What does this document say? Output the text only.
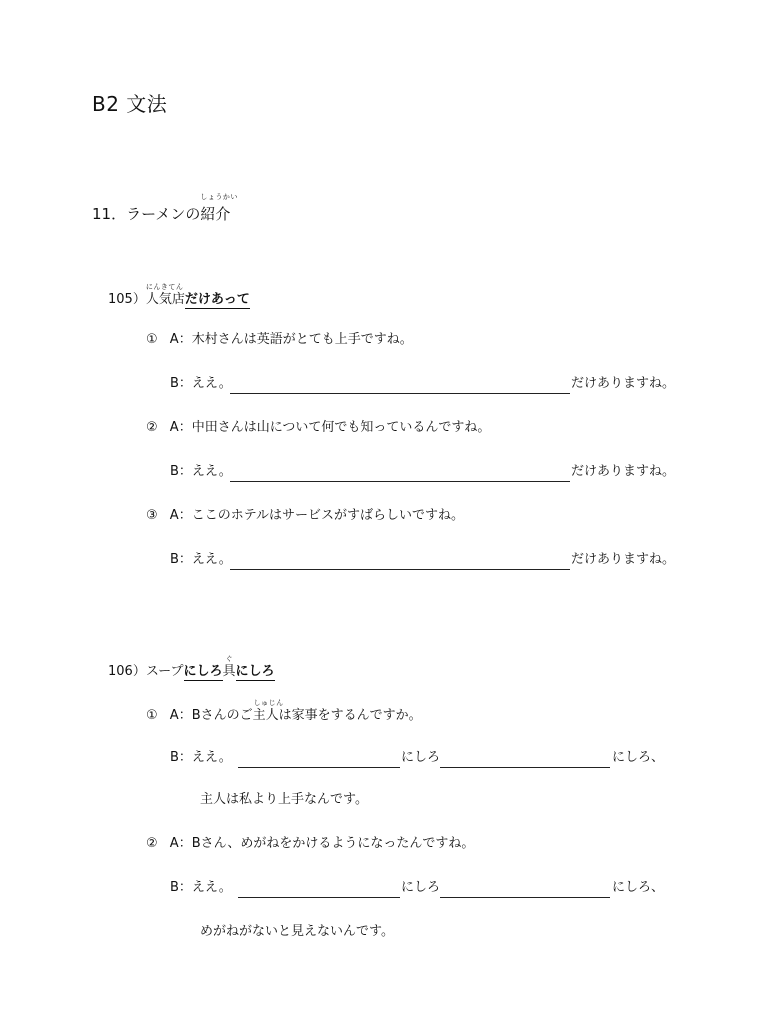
B2 文法
11．ラーメンの
しょうかい
紹介
105）
にんきてん
人気店だけあって
① A：木村さんは英語がとても上手ですね。
B：ええ。	だけありますね。
② A：中田さんは山について何でも知っているんですね。
B：ええ。	だけありますね。
③ A：ここのホテルはサービスがすばらしいですね。
B：ええ。	だけありますね。
106）スープにしろ
ぐ
具にしろ
① A：Bさんのご
しゅじん
主人は家事をするんですか。
B：ええ。	にしろ	にしろ、
主人は私より上手なんです。
② A：Bさん、めがねをかけるようになったんですね。
B：ええ。	にしろ	にしろ、
めがねがないと見えないんです。
